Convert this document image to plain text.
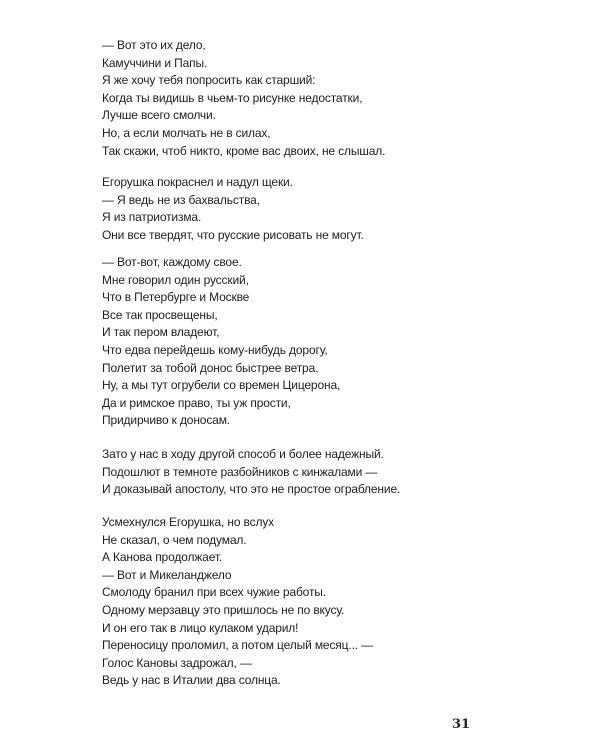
— Вот это их дело,
Камуччини и Папы.
Я же хочу тебя попросить как старший:
Когда ты видишь в чьем-то рисунке недостатки,
Лучше всего смолчи.
Но, а если молчать не в силах,
Так скажи, чтоб никто, кроме вас двоих, не слышал.
Егорушка покраснел и надул щеки.
— Я ведь не из бахвальства,
Я из патриотизма.
Они все твердят, что русские рисовать не могут.
— Вот-вот, каждому свое.
Мне говорил один русский,
Что в Петербурге и Москве
Все так просвещены,
И так пером владеют,
Что едва перейдешь кому-нибудь дорогу,
Полетит за тобой донос быстрее ветра.
Ну, а мы тут огрубели со времен Цицерона,
Да и римское право, ты уж прости,
Придирчиво к доносам.
Зато у нас в ходу другой способ и более надежный.
Подошлют в темноте разбойников с кинжалами —
И доказывай апостолу, что это не простое ограбление.
Усмехнулся Егорушка, но вслух
Не сказал, о чем подумал.
А Канова продолжает.
— Вот и Микеланджело
Смолоду бранил при всех чужие работы.
Одному мерзавцу это пришлось не по вкусу.
И он его так в лицо кулаком ударил!
Переносицу проломил, а потом целый месяц... —
Голос Кановы задрожал, —
Ведь у нас в Италии два солнца.
31
